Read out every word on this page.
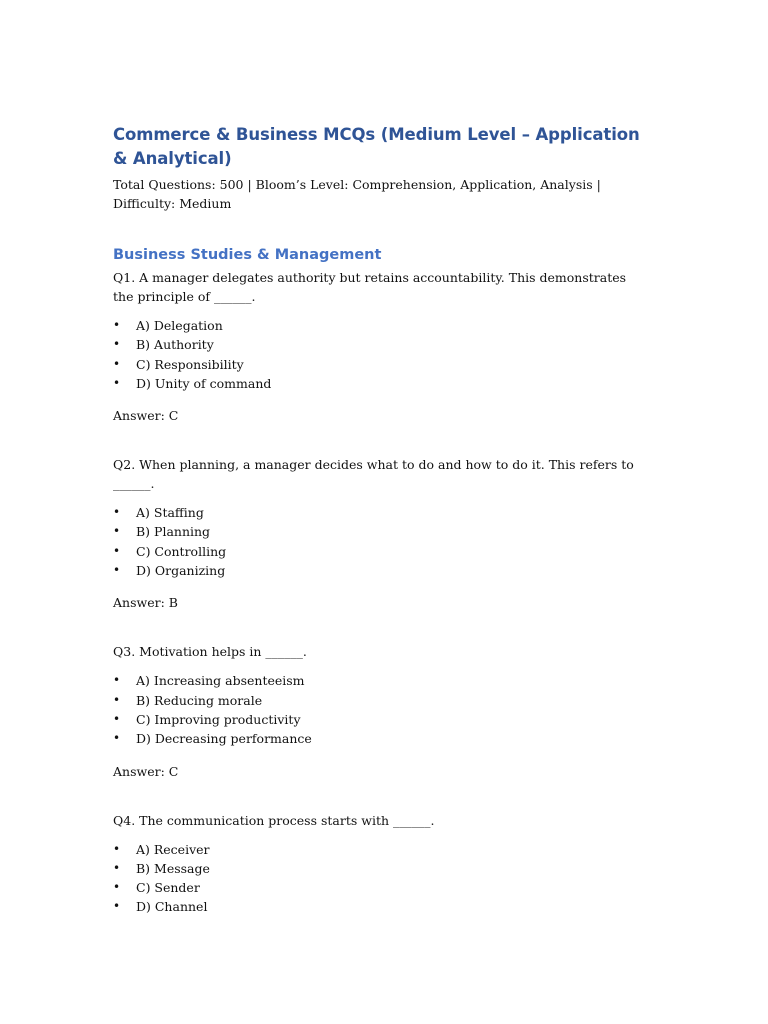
Commerce & Business MCQs (Medium Level – Application & Analytical)

Total Questions: 500 | Bloom’s Level: Comprehension, Application, Analysis | Difficulty: Medium

Business Studies & Management

Q1. A manager delegates authority but retains accountability. This demonstrates the principle of ______.

• A) Delegation
• B) Authority
• C) Responsibility
• D) Unity of command

Answer: C

Q2. When planning, a manager decides what to do and how to do it. This refers to ______.

• A) Staffing
• B) Planning
• C) Controlling
• D) Organizing

Answer: B

Q3. Motivation helps in ______.

• A) Increasing absenteeism
• B) Reducing morale
• C) Improving productivity
• D) Decreasing performance

Answer: C

Q4. The communication process starts with ______.

• A) Receiver
• B) Message
• C) Sender
• D) Channel
